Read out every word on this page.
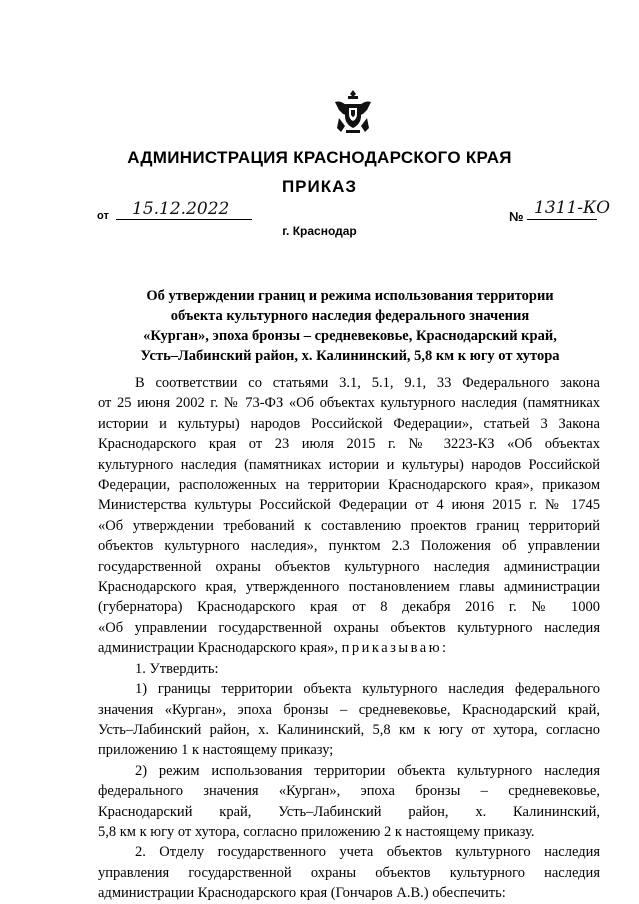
АДМИНИСТРАЦИЯ КРАСНОДАРСКОГО КРАЯ
ПРИКАЗ
от 15.12.2022	№ 1311-КО
г. Краснодар
Об утверждении границ и режима использования территории
объекта культурного наследия федерального значения
«Курган», эпоха бронзы – средневековье, Краснодарский край,
Усть–Лабинский район, х. Калининский, 5,8 км к югу от хутора
В соответствии со статьями 3.1, 5.1, 9.1, 33 Федерального закона
от 25 июня 2002 г. № 73-ФЗ «Об объектах культурного наследия (памятниках
истории и культуры) народов Российской Федерации», статьей 3 Закона
Краснодарского края от 23 июля 2015 г. № 3223-КЗ «Об объектах
культурного наследия (памятниках истории и культуры) народов Российской
Федерации, расположенных на территории Краснодарского края», приказом
Министерства культуры Российской Федерации от 4 июня 2015 г. № 1745
«Об утверждении требований к составлению проектов границ территорий
объектов культурного наследия», пунктом 2.3 Положения об управлении
государственной охраны объектов культурного наследия администрации
Краснодарского края, утвержденного постановлением главы администрации
(губернатора) Краснодарского края от 8 декабря 2016 г. № 1000
«Об управлении государственной охраны объектов культурного наследия
администрации Краснодарского края», приказываю:
1. Утвердить:
1) границы территории объекта культурного наследия федерального
значения «Курган», эпоха бронзы – средневековье, Краснодарский край,
Усть–Лабинский район, х. Калининский, 5,8 км к югу от хутора, согласно
приложению 1 к настоящему приказу;
2) режим использования территории объекта культурного наследия
федерального значения «Курган», эпоха бронзы – средневековье,
Краснодарский край, Усть–Лабинский район, х. Калининский,
5,8 км к югу от хутора, согласно приложению 2 к настоящему приказу.
2. Отделу государственного учета объектов культурного наследия
управления государственной охраны объектов культурного наследия
администрации Краснодарского края (Гончаров А.В.) обеспечить:
